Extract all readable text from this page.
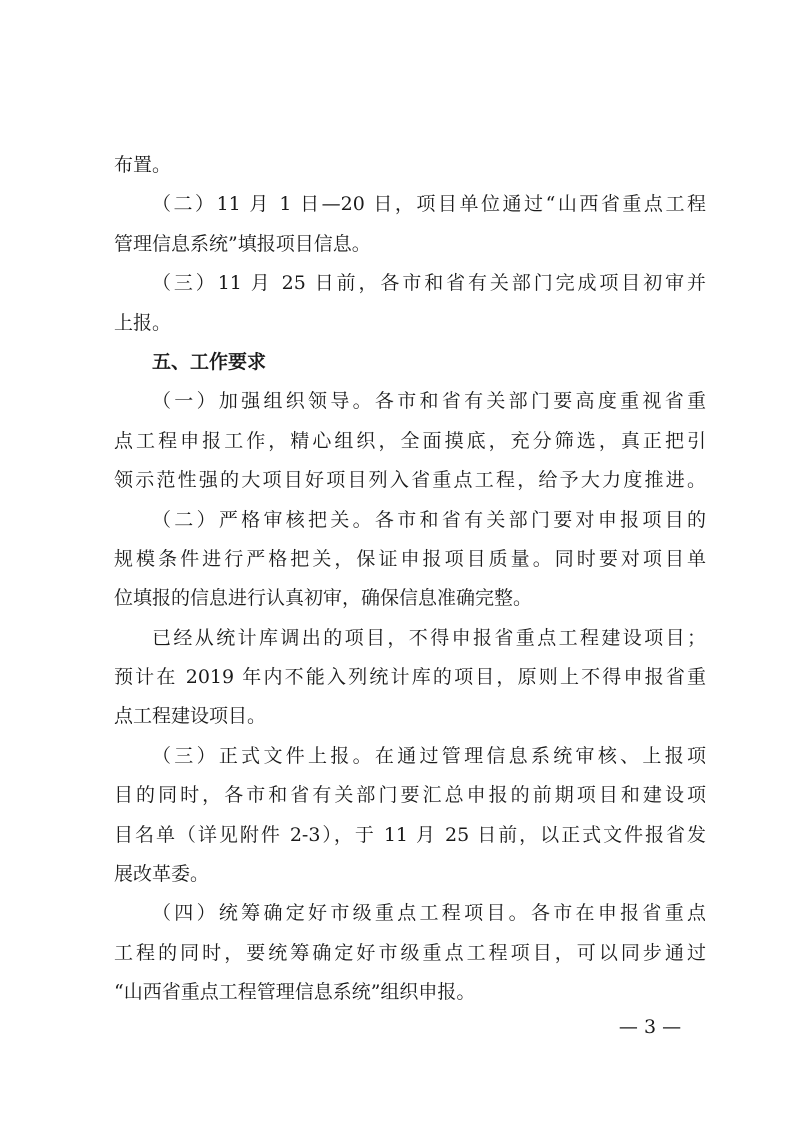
布置。
（二）11 月 1 日—20 日，项目单位通过“山西省重点工程
管理信息系统”填报项目信息。
（三）11 月 25 日前，各市和省有关部门完成项目初审并
上报。
五、工作要求
（一）加强组织领导。各市和省有关部门要高度重视省重
点工程申报工作，精心组织，全面摸底，充分筛选，真正把引
领示范性强的大项目好项目列入省重点工程，给予大力度推进。
（二）严格审核把关。各市和省有关部门要对申报项目的
规模条件进行严格把关，保证申报项目质量。同时要对项目单
位填报的信息进行认真初审，确保信息准确完整。
已经从统计库调出的项目，不得申报省重点工程建设项目；
预计在 2019 年内不能入列统计库的项目，原则上不得申报省重
点工程建设项目。
（三）正式文件上报。在通过管理信息系统审核、上报项
目的同时，各市和省有关部门要汇总申报的前期项目和建设项
目名单（详见附件 2-3），于 11 月 25 日前，以正式文件报省发
展改革委。
（四）统筹确定好市级重点工程项目。各市在申报省重点
工程的同时，要统筹确定好市级重点工程项目，可以同步通过
“山西省重点工程管理信息系统”组织申报。
— 3 —
